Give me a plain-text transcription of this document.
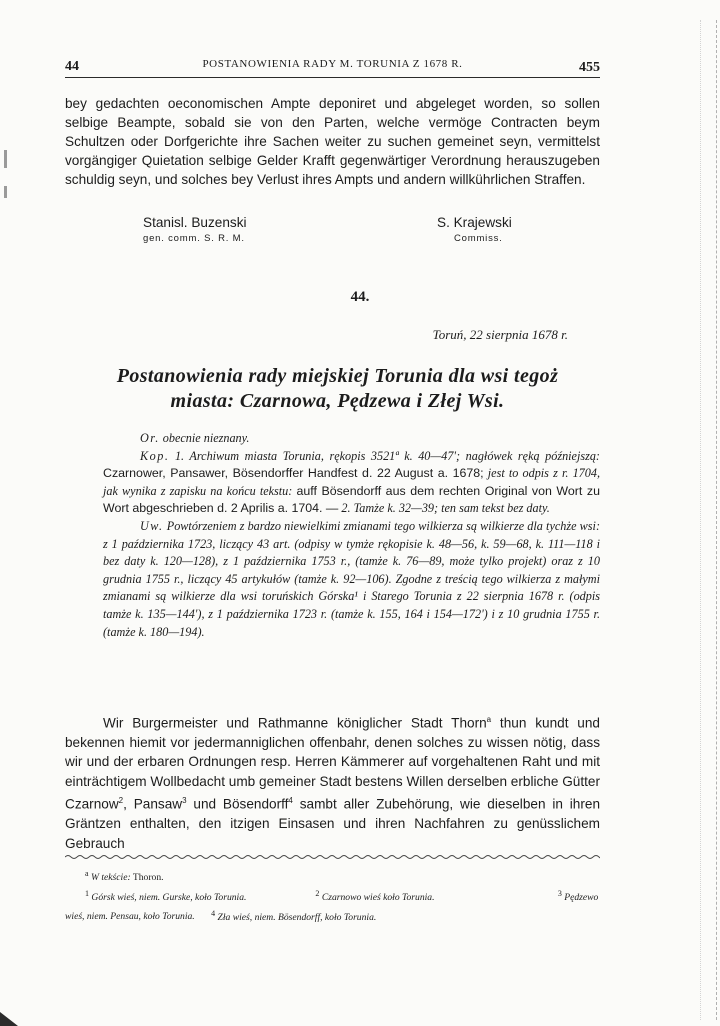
44	POSTANOWIENIA RADY M. TORUNIA Z 1678 R.	455
bey gedachten oeconomischen Ampte deponiret und abgeleget worden, so sollen selbige Beampte, sobald sie von den Parten, welche vermöge Contracten beym Schultzen oder Dorfgerichte ihre Sachen weiter zu suchen gemeinet seyn, vermittelst vorgängiger Quietation selbige Gelder Krafft gegenwärtiger Verordnung herauszugeben schuldig seyn, und solches bey Verlust ihres Ampts und andern willkührlichen Straffen.
Stanisl. Buzenski
gen. comm. S. R. M.
S. Krajewski
Commiss.
44.
Toruń, 22 sierpnia 1678 r.
Postanowienia rady miejskiej Torunia dla wsi tegoż
miasta: Czarnowa, Pędzewa i Złej Wsi.

Or. obecnie nieznany.

Kop. 1. Archiwum miasta Torunia, rękopis 3521ª k. 40—47'; nagłówek ręką późniejszą: Czarnower, Pansawer, Bösendorffer Handfest d. 22 August a. 1678; jest to odpis z r. 1704, jak wynika z zapisku na końcu tekstu: auff Bösendorff aus dem rechten Original von Wort zu Wort abgeschrieben d. 2 Aprilis a. 1704. — 2. Tamże k. 32—39; ten sam tekst bez daty.

Uw. Powtórzeniem z bardzo niewielkimi zmianami tego wilkierza są wilkierze dla tychże wsi: z 1 października 1723, liczący 43 art. (odpisy w tymże rękopisie k. 48—56, k. 59—68, k. 111—118 i bez daty k. 120—128), z 1 października 1753 r., (tamże k. 76—89, może tylko projekt) oraz z 10 grudnia 1755 r., liczący 45 artykułów (tamże k. 92—106). Zgodne z treścią tego wilkierza z małymi zmianami są wilkierze dla wsi toruńskich Górska¹ i Starego Torunia z 22 sierpnia 1678 r. (odpis tamże k. 135—144'), z 1 października 1723 r. (tamże k. 155, 164 i 154—172') i z 10 grudnia 1755 r. (tamże k. 180—194).

Wir Burgermeister und Rathmanne königlicher Stadt Thorn$^a$ thun kundt und bekennen hiemit vor jedermanniglichen offenbahr, denen solches zu wissen nötig, dass wir und der erbaren Ordnungen resp. Herren Kämmerer auf vorgehaltenen Raht und mit einträchtigem Wollbedacht umb gemeiner Stadt bestens Willen derselben erbliche Gütter Czarnow$^2$, Pansaw$^3$ und Bösendorff$^4$ sambt aller Zubehörung, wie dieselben in ihren Gräntzen enthalten, den itzigen Einsasen und ihren Nachfahren zu genüsslichem Gebrauch
$^a$ W tekście: Thoron.
$^1$ Górsk wieś, niem. Gurske, koło Torunia.	$^2$ Czarnowo wieś koło Torunia.	$^3$ Pędzewo
wieś, niem. Pensau, koło Torunia. $^4$ Zła wieś, niem. Bösendorff, koło Torunia.
